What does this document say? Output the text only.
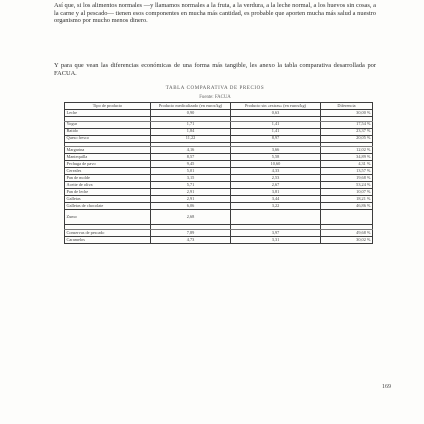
Así que, si los alimentos normales —y llamamos normales a la fruta, a la verdura, a la leche normal, a los huevos sin cosas, a la carne y al pescado— tienen esos componentes en mucha más cantidad, es probable que aporten mucha más salud a nuestro organismo por mucho menos dinero.
Y para que vean las diferencias económicas de una forma más tangible, les anexo la tabla comparativa desarrollada por FACUA.
TABLA COMPARATIVA DE PRECIOS
Fuente: FACUA
Tipo de producto	Producto medicalizado (en euros/kg)	Producto sin «extras» (en euros/kg)	Diferencia
Leche	0,90	0,63	30,00 %

Yogur	1,71	1,41	17,54 %
Batido	1,84	1,41	23,37 %
Queso fresco	11,22	8,97	20,05 %

Margarina	4,16	3,66	12,02 %
Mantequilla	8,57	5,58	34,89 %
Pechuga de pavo	9,45	10,60	4,31 %
Cereales	5,01	4,33	13,57 %
Pan de molde	3,15	2,53	19,68 %
Aceite de oliva	5,71	2,67	53,24 %
Pan de leche	2,91	3,81	10,07 %
Galletas	2,91	3,44	18,21 %
Galletas de chocolate	6,06	3,22	46,86 %
Zumo	2,68		

Conservas de pescado	7,89	3,97	49,68 %
Caramelos	4,73	3,31	30,02 %
169
